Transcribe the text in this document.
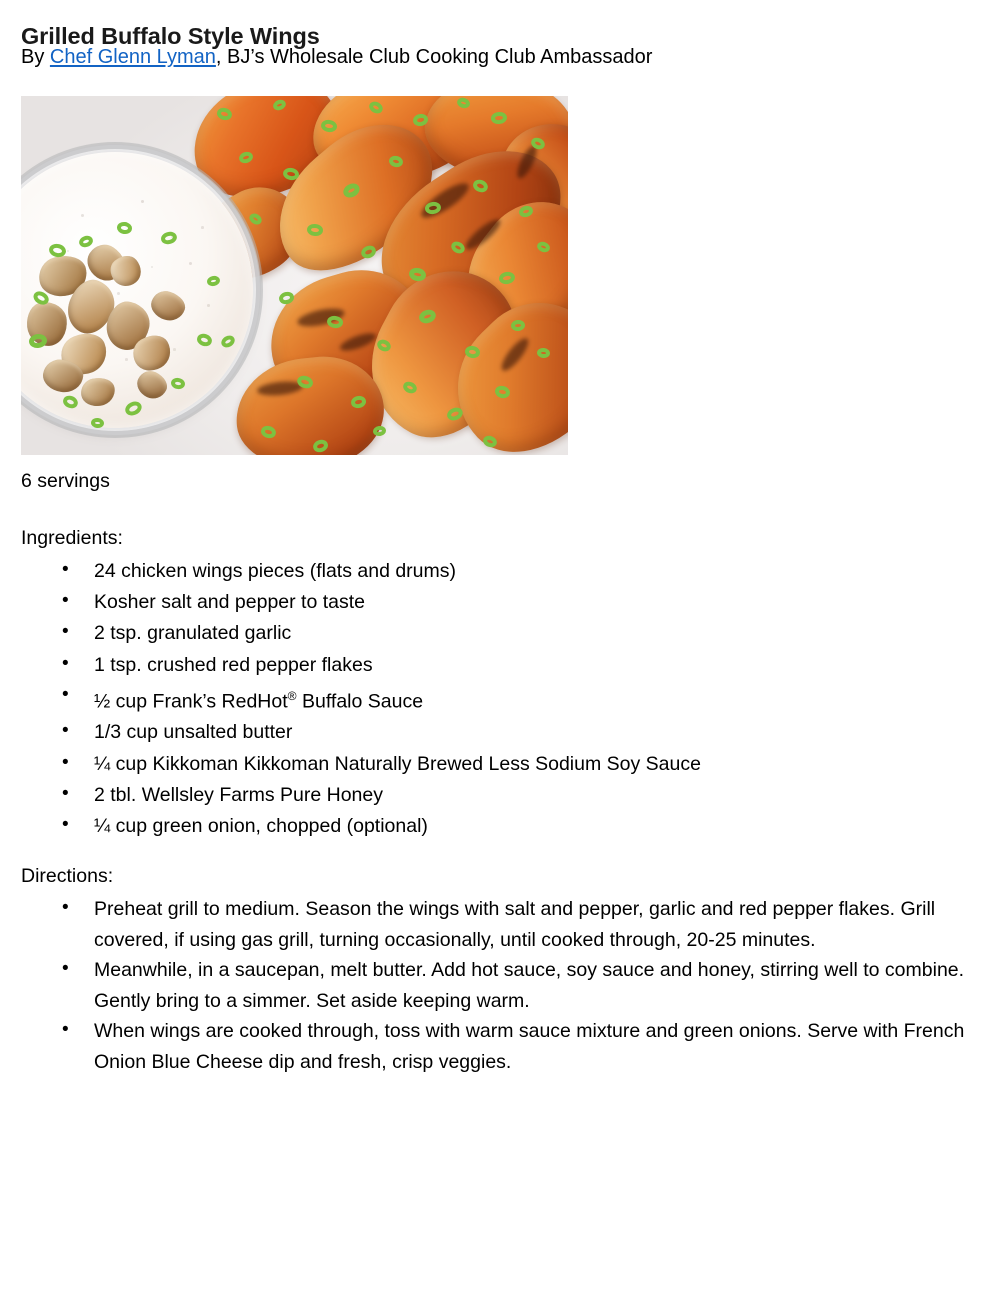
Grilled Buffalo Style Wings
By Chef Glenn Lyman, BJ’s Wholesale Club Cooking Club Ambassador
6 servings
Ingredients:
• 24 chicken wings pieces (flats and drums)
• Kosher salt and pepper to taste
• 2 tsp. granulated garlic
• 1 tsp. crushed red pepper flakes
• ½ cup Frank’s RedHot® Buffalo Sauce
• 1/3 cup unsalted butter
• ¼ cup Kikkoman Kikkoman Naturally Brewed Less Sodium Soy Sauce
• 2 tbl. Wellsley Farms Pure Honey
• ¼ cup green onion, chopped (optional)
Directions:
• Preheat grill to medium. Season the wings with salt and pepper, garlic and red pepper flakes. Grill covered, if using gas grill, turning occasionally, until cooked through, 20-25 minutes.
• Meanwhile, in a saucepan, melt butter. Add hot sauce, soy sauce and honey, stirring well to combine. Gently bring to a simmer. Set aside keeping warm.
• When wings are cooked through, toss with warm sauce mixture and green onions. Serve with French Onion Blue Cheese dip and fresh, crisp veggies.
